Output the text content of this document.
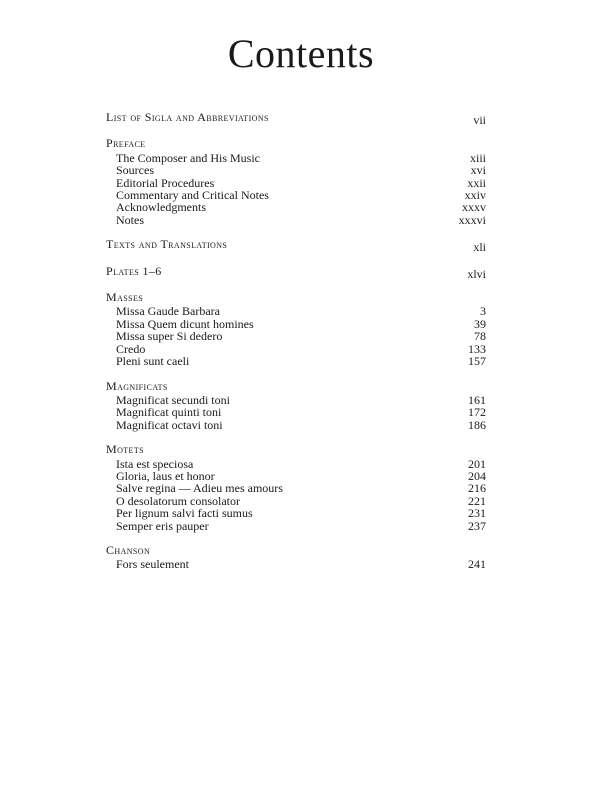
Contents
List of Sigla and Abbreviations	vii
Preface
The Composer and His Music	xiii
Sources	xvi
Editorial Procedures	xxii
Commentary and Critical Notes	xxiv
Acknowledgments	xxxv
Notes	xxxvi
Texts and Translations	xli
Plates 1–6	xlvi
Masses
Missa Gaude Barbara	3
Missa Quem dicunt homines	39
Missa super Si dedero	78
Credo	133
Pleni sunt caeli	157
Magnificats
Magnificat secundi toni	161
Magnificat quinti toni	172
Magnificat octavi toni	186
Motets
Ista est speciosa	201
Gloria, laus et honor	204
Salve regina — Adieu mes amours	216
O desolatorum consolator	221
Per lignum salvi facti sumus	231
Semper eris pauper	237
Chanson
Fors seulement	241
